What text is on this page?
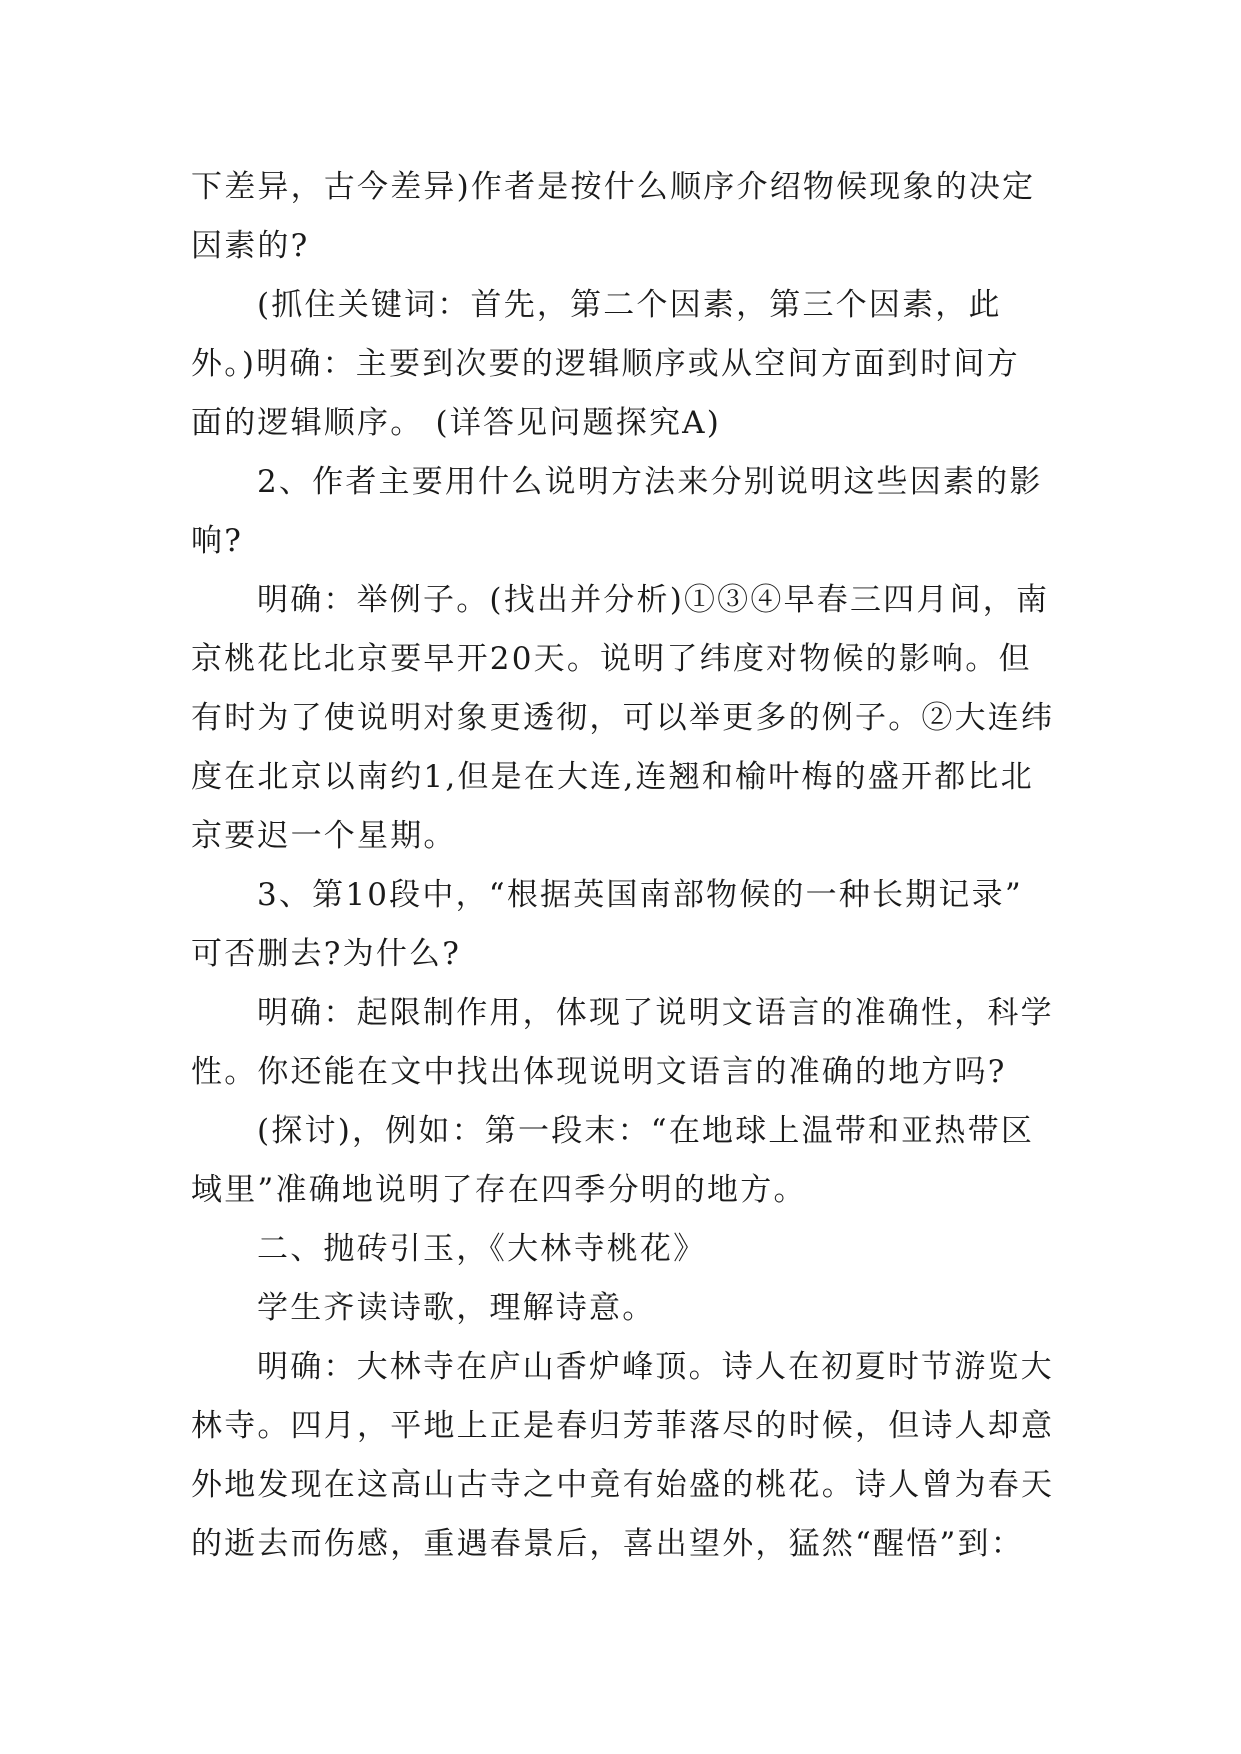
下差异，古今差异)作者是按什么顺序介绍物候现象的决定
因素的?

(抓住关键词：首先，第二个因素，第三个因素，此

外。)明确：主要到次要的逻辑顺序或从空间方面到时间方
面的逻辑顺序。 (详答见问题探究A)

2、作者主要用什么说明方法来分别说明这些因素的影

响?

明确：举例子。(找出并分析)①③④早春三四月间，南

京桃花比北京要早开20天。说明了纬度对物候的影响。但
有时为了使说明对象更透彻，可以举更多的例子。②大连纬
度在北京以南约1,但是在大连,连翘和榆叶梅的盛开都比北
京要迟一个星期。

3、第10段中，“根据英国南部物候的一种长期记录”

可否删去?为什么?

明确：起限制作用，体现了说明文语言的准确性，科学

性。你还能在文中找出体现说明文语言的准确的地方吗?

(探讨)，例如：第一段末：“在地球上温带和亚热带区

域里”准确地说明了存在四季分明的地方。

二、抛砖引玉，《大林寺桃花》

学生齐读诗歌，理解诗意。

明确：大林寺在庐山香炉峰顶。诗人在初夏时节游览大

林寺。四月，平地上正是春归芳菲落尽的时候，但诗人却意
外地发现在这高山古寺之中竟有始盛的桃花。诗人曾为春天
的逝去而伤感，重遇春景后，喜出望外，猛然“醒悟”到：
